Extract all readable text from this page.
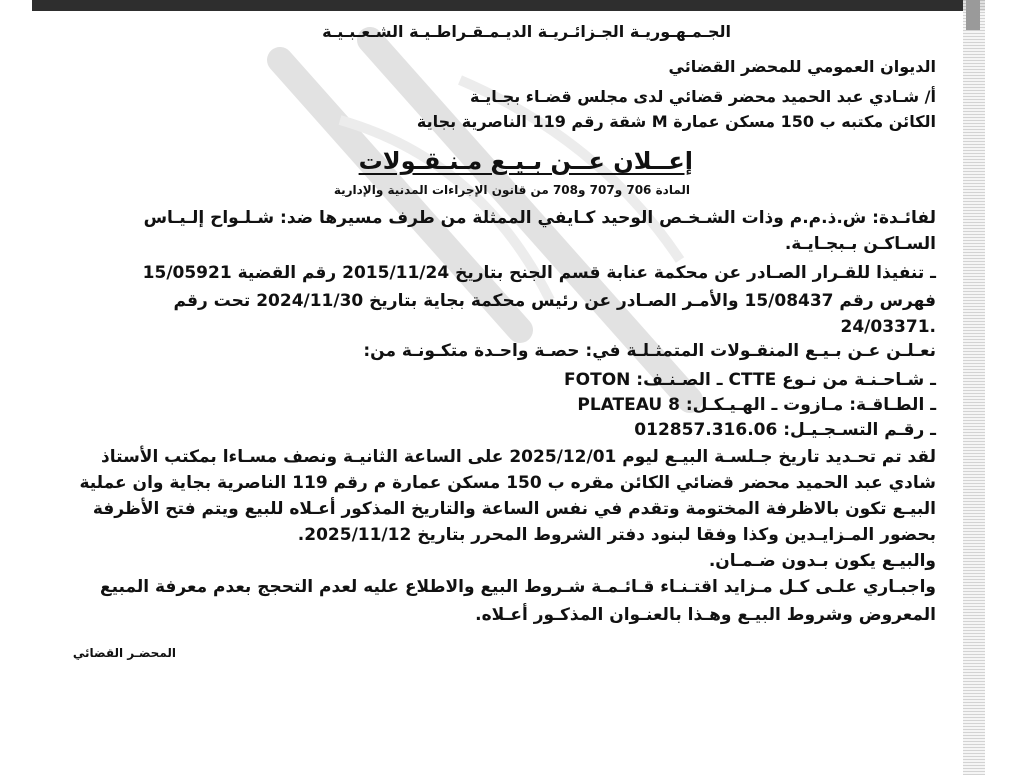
الجـمـهـوريـة الجـزائـريـة الديـمـقـراطـيـة الشـعـبـيـة
الديوان العمومي للمحضر القضائي
أ/ شـادي عبد الحميد محضر قضائي لدى مجلس قضـاء بجـايـة
الكائن مكتبه ب 150 مسكن عمارة M شقة رقم 119 الناصرية بجاية
إعــلان عــن بـيـع مـنـقـولات
المادة 706 و707 و708 من قانون الإجراءات المدنية والإدارية
لفائـدة: ش.ذ.م.م وذات الشـخـص الوحيد كـايفي الممثلة من طرف مسيرها ضد: شـلـواح إلـيـاس
السـاكـن بـبجـايـة.
ـ تنفيذا للقـرار الصـادر عن محكمة عنابة قسم الجنح بتاريخ 2015/11/24 رقم القضية 15/05921
فهرس رقم 15/08437 والأمـر الصـادر عن رئيس محكمة بجاية بتاريخ 2024/11/30 تحت رقم
.24/03371
نعـلـن عـن بـيـع المنقـولات المتمثـلـة في: حصـة واحـدة متكـونـة من:
ـ شـاحـنـة من نـوع CTTE ـ الصـنـف: FOTON
ـ الطـاقـة: مـازوت ـ الهـيـكـل: PLATEAU 8
ـ رقـم التسـجـيـل: 012857.316.06
لقد تم تحـديد تاريخ جـلسـة البيـع ليوم 2025/12/01 على الساعة الثانيـة ونصف مسـاءا بمكتب الأستاذ
شادي عبد الحميد محضر قضائي الكائن مقره ب 150 مسكن عمارة م رقم 119 الناصرية بجاية وان عملية
البيـع تكون بالاظرفة المختومة وتقدم في نفس الساعة والتاريخ المذكور أعـلاه للبيع ويتم فتح الأظرفة
بحضور المـزايـدين وكذا وفقا لبنود دفتر الشروط المحرر بتاريخ 2025/11/12.
والبيـع يكون بـدون ضـمـان.
واجبـاري علـى كـل مـزايد اقتـنـاء قـائـمـة شـروط البيع والاطلاع عليه لعدم التحجج بعدم معرفة المبيع
المعروض وشروط البيـع وهـذا بالعنـوان المذكـور أعـلاه.
المحضـر القضائي
